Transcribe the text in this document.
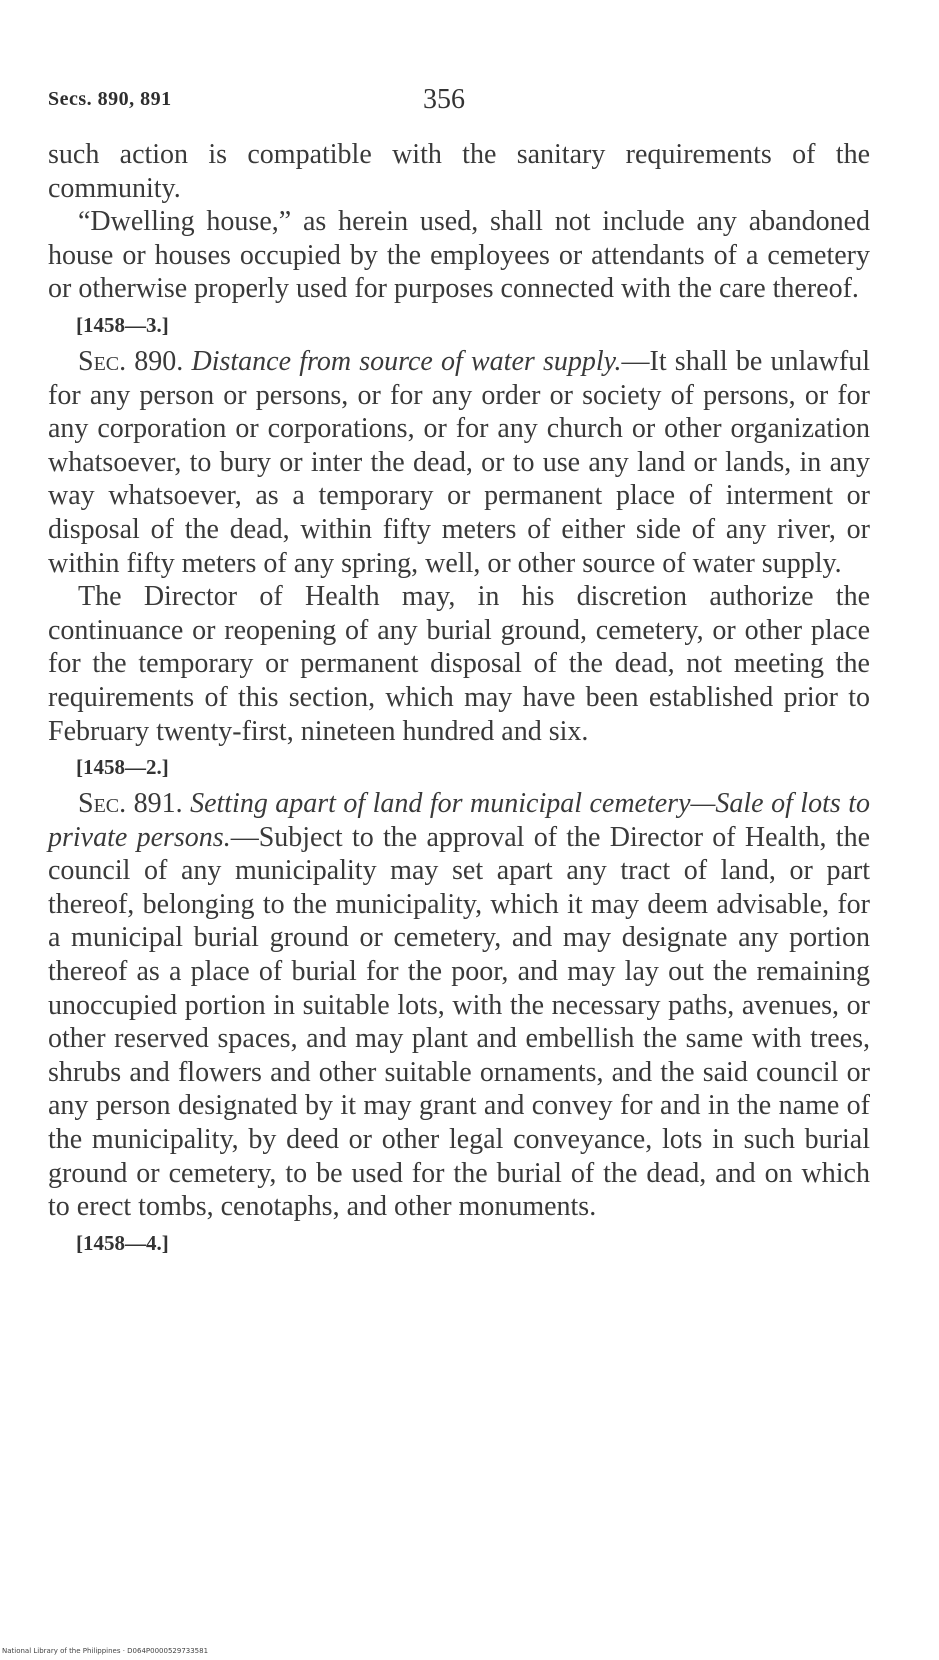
Secs. 890, 891	356

such action is compatible with the sanitary requirements of the community.

“Dwelling house,” as herein used, shall not include any abandoned house or houses occupied by the employees or attendants of a cemetery or otherwise properly used for purposes connected with the care thereof.

[1458—3.]

Sec. 890. Distance from source of water supply.—It shall be unlawful for any person or persons, or for any order or society of persons, or for any corporation or corporations, or for any church or other organization whatsoever, to bury or inter the dead, or to use any land or lands, in any way whatsoever, as a temporary or permanent place of interment or disposal of the dead, within fifty meters of either side of any river, or within fifty meters of any spring, well, or other source of water supply.

The Director of Health may, in his discretion authorize the continuance or reopening of any burial ground, cemetery, or other place for the temporary or permanent disposal of the dead, not meeting the requirements of this section, which may have been established prior to February twenty-first, nineteen hundred and six.

[1458—2.]

Sec. 891. Setting apart of land for municipal cemetery—Sale of lots to private persons.—Subject to the approval of the Director of Health, the council of any municipality may set apart any tract of land, or part thereof, belonging to the municipality, which it may deem advisable, for a municipal burial ground or cemetery, and may designate any portion thereof as a place of burial for the poor, and may lay out the remaining unoccupied portion in suitable lots, with the necessary paths, avenues, or other reserved spaces, and may plant and embellish the same with trees, shrubs and flowers and other suitable ornaments, and the said council or any person designated by it may grant and convey for and in the name of the municipality, by deed or other legal conveyance, lots in such burial ground or cemetery, to be used for the burial of the dead, and on which to erect tombs, cenotaphs, and other monuments.

[1458—4.]

National Library of the Philippines · D064P0000529733581
